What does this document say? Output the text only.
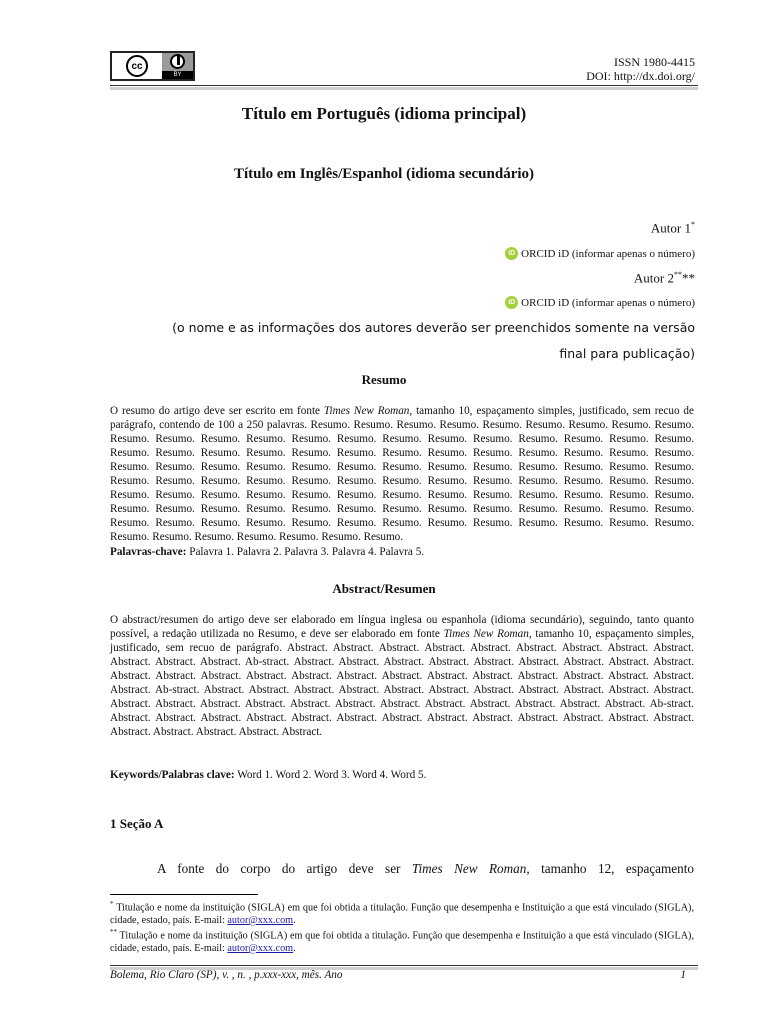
cc
BY
ISSN 1980-4415
DOI: http://dx.doi.org/
Título em Português (idioma principal)
Título em Inglês/Espanhol (idioma secundário)
Autor 1*
iD ORCID iD (informar apenas o número)
Autor 2****
iD ORCID iD (informar apenas o número)
(o nome e as informações dos autores deverão ser preenchidos somente na versão
final para publicação)
Resumo
O resumo do artigo deve ser escrito em fonte Times New Roman, tamanho 10, espaçamento simples, justificado, sem recuo de parágrafo, contendo de 100 a 250 palavras. Resumo. Resumo. Resumo. Resumo. Resumo. Resumo. Resumo. Resumo. Resumo. Resumo. Resumo. Resumo. Resumo. Resumo. Resumo. Resumo. Resumo. Resumo. Resumo. Resumo. Resumo. Resumo. Resumo. Resumo. Resumo. Resumo. Resumo. Resumo. Resumo. Resumo. Resumo. Resumo. Resumo. Resumo. Resumo. Resumo. Resumo. Resumo. Resumo. Resumo. Resumo. Resumo. Resumo. Resumo. Resumo. Resumo. Resumo. Resumo. Resumo. Resumo. Resumo. Resumo. Resumo. Resumo. Resumo. Resumo. Resumo. Resumo. Resumo. Resumo. Resumo. Resumo. Resumo. Resumo. Resumo. Resumo. Resumo. Resumo. Resumo. Resumo. Resumo. Resumo. Resumo. Resumo. Resumo. Resumo. Resumo. Resumo. Resumo. Resumo. Resumo. Resumo. Resumo. Resumo. Resumo. Resumo. Resumo. Resumo. Resumo. Resumo. Resumo. Resumo. Resumo. Resumo. Resumo. Resumo. Resumo. Resumo. Resumo. Resumo. Resumo. Resumo. Resumo. Resumo. Resumo. Resumo. Resumo.
Palavras-chave: Palavra 1. Palavra 2. Palavra 3. Palavra 4. Palavra 5.
Abstract/Resumen
O abstract/resumen do artigo deve ser elaborado em língua inglesa ou espanhola (idioma secundário), seguindo, tanto quanto possível, a redação utilizada no Resumo, e deve ser elaborado em fonte Times New Roman, tamanho 10, espaçamento simples, justificado, sem recuo de parágrafo. Abstract. Abstract. Abstract. Abstract. Abstract. Abstract. Abstract. Abstract. Abstract. Abstract. Abstract. Abstract. Ab-stract. Abstract. Abstract. Abstract. Abstract. Abstract. Abstract. Abstract. Abstract. Abstract. Abstract. Abstract. Abstract. Abstract. Abstract. Abstract. Abstract. Abstract. Abstract. Abstract. Abstract. Abstract. Abstract. Abstract. Ab-stract. Abstract. Abstract. Abstract. Abstract. Abstract. Abstract. Abstract. Abstract. Abstract. Abstract. Abstract. Abstract. Abstract. Abstract. Abstract. Abstract. Abstract. Abstract. Abstract. Abstract. Abstract. Abstract. Abstract. Ab-stract. Abstract. Abstract. Abstract. Abstract. Abstract. Abstract. Abstract. Abstract. Abstract. Abstract. Abstract. Abstract. Abstract. Abstract. Abstract. Abstract. Abstract. Abstract.
Keywords/Palabras clave: Word 1. Word 2. Word 3. Word 4. Word 5.
1 Seção A
A fonte do corpo do artigo deve ser Times New Roman, tamanho 12, espaçamento
* Titulação e nome da instituição (SIGLA) em que foi obtida a titulação. Função que desempenha e Instituição a que está vinculado (SIGLA), cidade, estado, país. E-mail: autor@xxx.com.
** Titulação e nome da instituição (SIGLA) em que foi obtida a titulação. Função que desempenha e Instituição a que está vinculado (SIGLA), cidade, estado, país. E-mail: autor@xxx.com.
Bolema, Rio Claro (SP), v. , n. , p.xxx-xxx, mês. Ano	1
